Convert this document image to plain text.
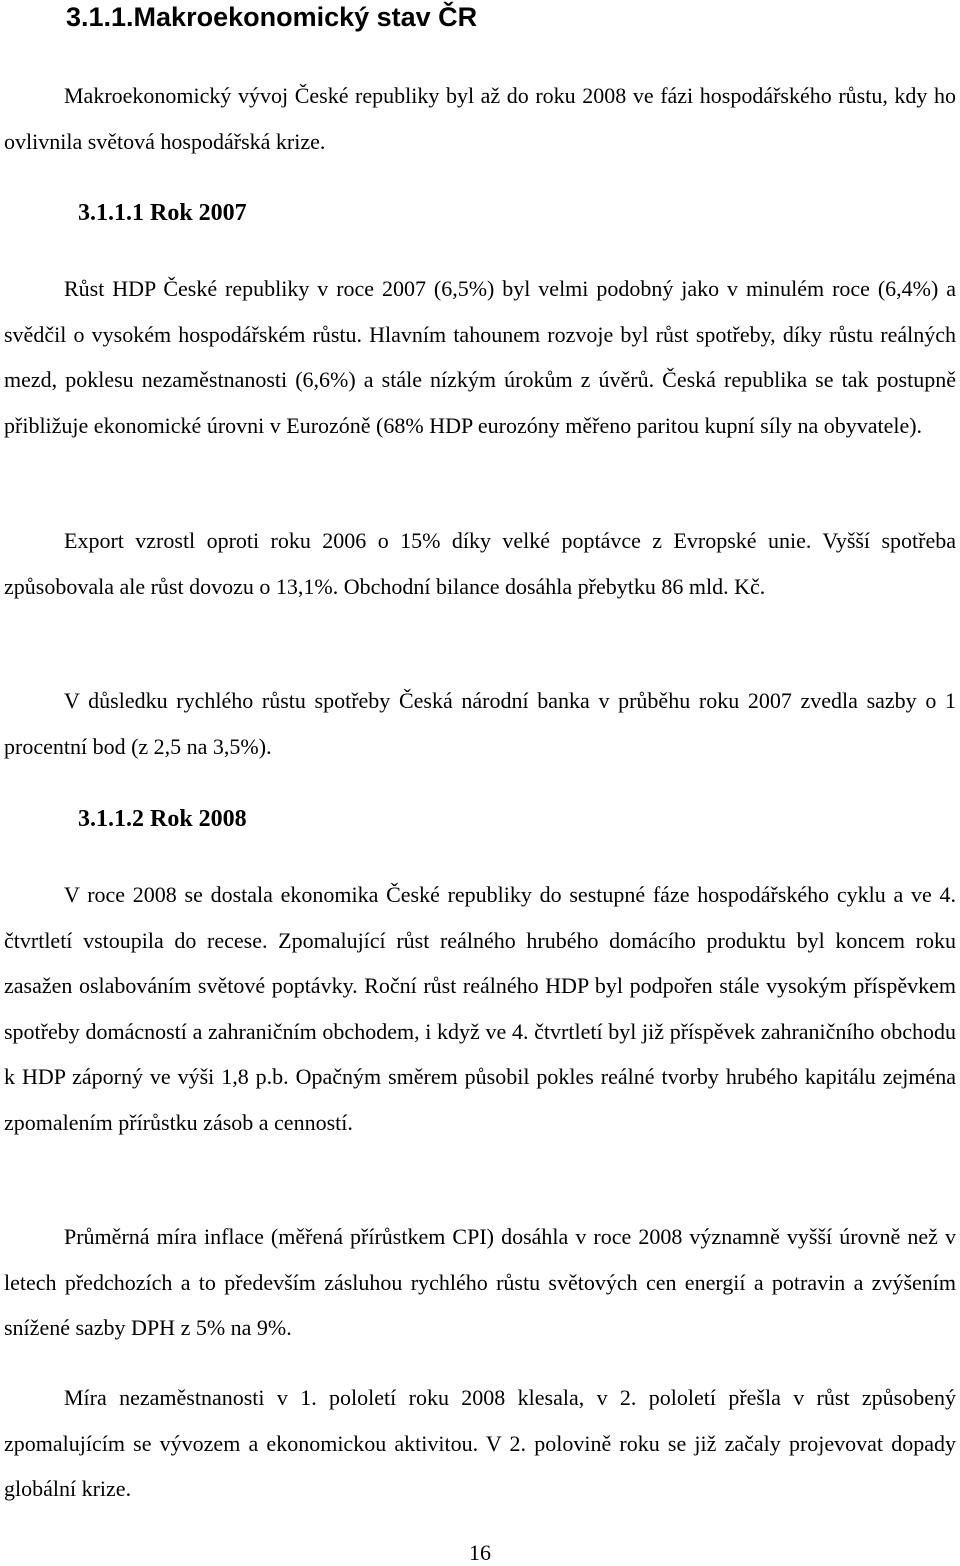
3.1.1.Makroekonomický stav ČR

Makroekonomický vývoj České republiky byl až do roku 2008 ve fázi hospodářského růstu, kdy ho ovlivnila světová hospodářská krize.

3.1.1.1 Rok 2007

Růst HDP České republiky v roce 2007 (6,5%) byl velmi podobný jako v minulém roce (6,4%) a svědčil o vysokém hospodářském růstu. Hlavním tahounem rozvoje byl růst spotřeby, díky růstu reálných mezd, poklesu nezaměstnanosti (6,6%) a stále nízkým úrokům z úvěrů. Česká republika se tak postupně přibližuje ekonomické úrovni v Eurozóně (68% HDP eurozóny měřeno paritou kupní síly na obyvatele).

Export vzrostl oproti roku 2006 o 15% díky velké poptávce z Evropské unie. Vyšší spotřeba způsobovala ale růst dovozu o 13,1%. Obchodní bilance dosáhla přebytku 86 mld. Kč.

V důsledku rychlého růstu spotřeby Česká národní banka v průběhu roku 2007 zvedla sazby o 1 procentní bod (z 2,5 na 3,5%).

3.1.1.2 Rok 2008

V roce 2008 se dostala ekonomika České republiky do sestupné fáze hospodářského cyklu a ve 4. čtvrtletí vstoupila do recese. Zpomalující růst reálného hrubého domácího produktu byl koncem roku zasažen oslabováním světové poptávky. Roční růst reálného HDP byl podpořen stále vysokým příspěvkem spotřeby domácností a zahraničním obchodem, i když ve 4. čtvrtletí byl již příspěvek zahraničního obchodu k HDP záporný ve výši 1,8 p.b. Opačným směrem působil pokles reálné tvorby hrubého kapitálu zejména zpomalením přírůstku zásob a cenností.

Průměrná míra inflace (měřená přírůstkem CPI) dosáhla v roce 2008 významně vyšší úrovně než v letech předchozích a to především zásluhou rychlého růstu světových cen energií a potravin a zvýšením snížené sazby DPH z 5% na 9%.

Míra nezaměstnanosti v 1. pololetí roku 2008 klesala, v 2. pololetí přešla v růst způsobený zpomalujícím se vývozem a ekonomickou aktivitou. V 2. polovině roku se již začaly projevovat dopady globální krize.

16
